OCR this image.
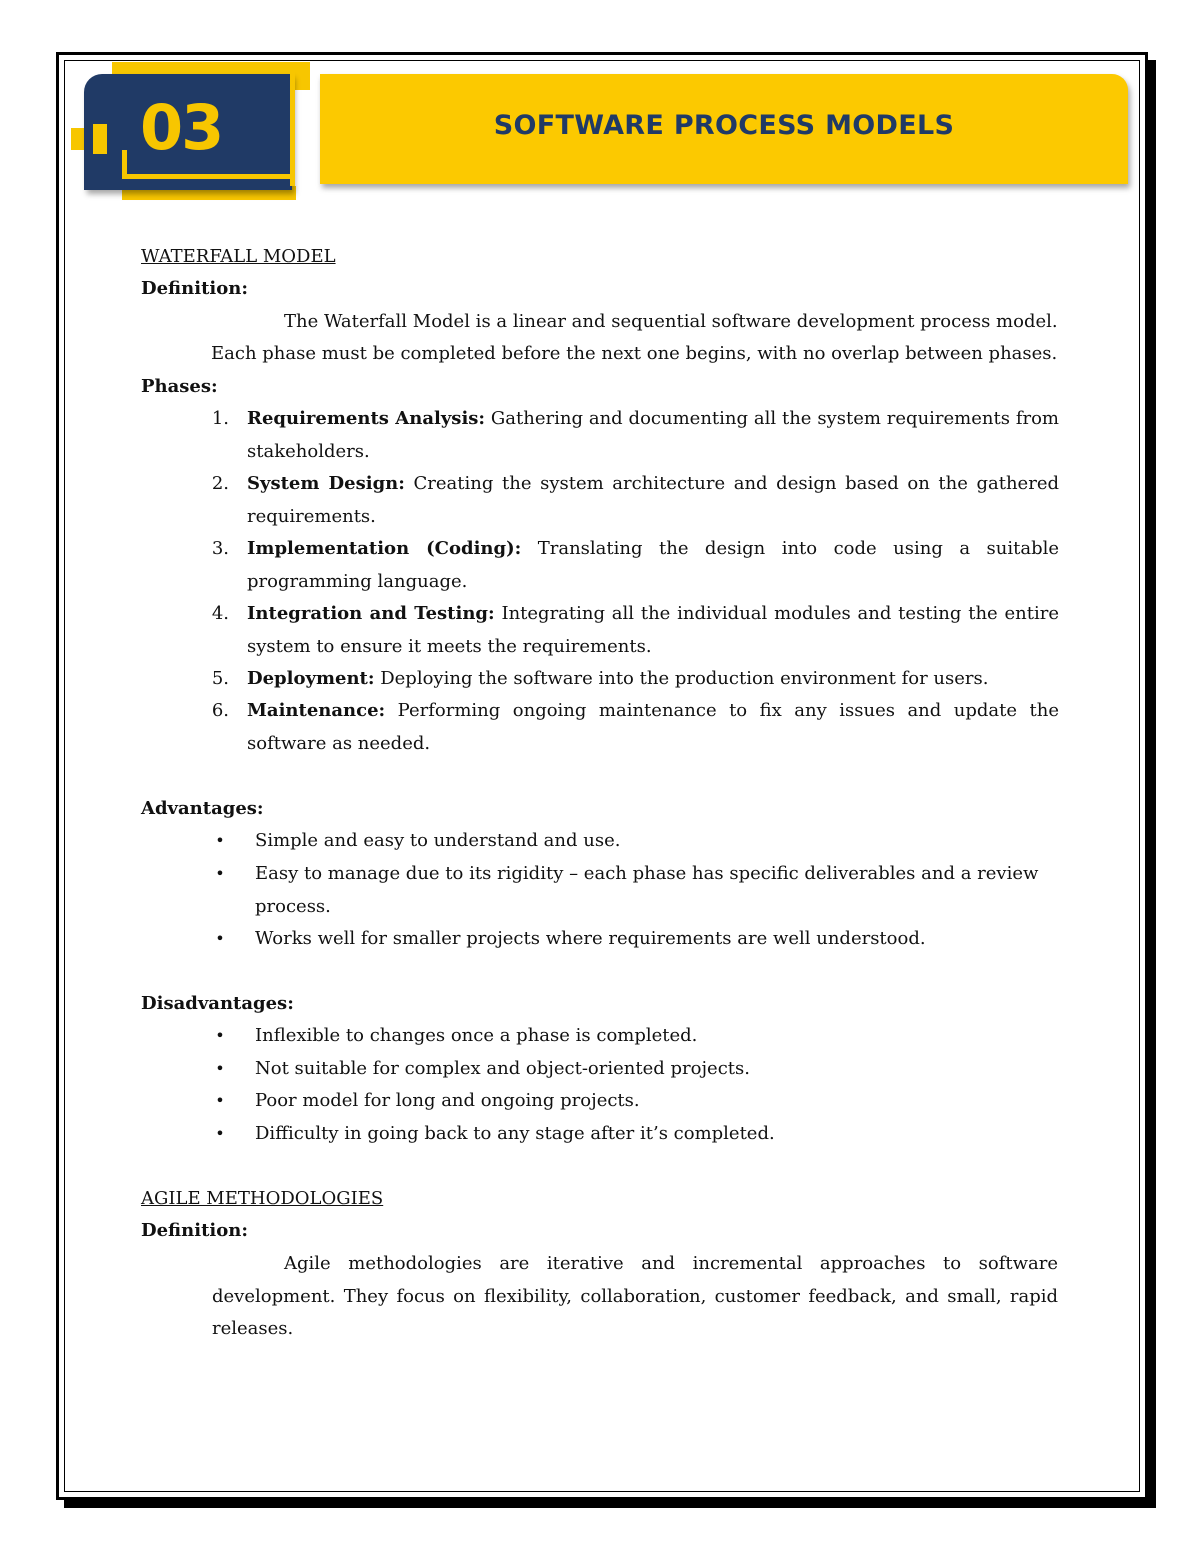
03	SOFTWARE PROCESS MODELS
WATERFALL MODEL
Definition:
The Waterfall Model is a linear and sequential software development process model.
Each phase must be completed before the next one begins, with no overlap between phases.
Phases:
1. Requirements Analysis: Gathering and documenting all the system requirements from stakeholders.
2. System Design: Creating the system architecture and design based on the gathered requirements.
3. Implementation (Coding): Translating the design into code using a suitable programming language.
4. Integration and Testing: Integrating all the individual modules and testing the entire system to ensure it meets the requirements.
5. Deployment: Deploying the software into the production environment for users.
6. Maintenance: Performing ongoing maintenance to fix any issues and update the software as needed.
Advantages:
• Simple and easy to understand and use.
• Easy to manage due to its rigidity – each phase has specific deliverables and a review process.
• Works well for smaller projects where requirements are well understood.
Disadvantages:
• Inflexible to changes once a phase is completed.
• Not suitable for complex and object-oriented projects.
• Poor model for long and ongoing projects.
• Difficulty in going back to any stage after it’s completed.
AGILE METHODOLOGIES
Definition:
Agile methodologies are iterative and incremental approaches to software development. They focus on flexibility, collaboration, customer feedback, and small, rapid releases.
